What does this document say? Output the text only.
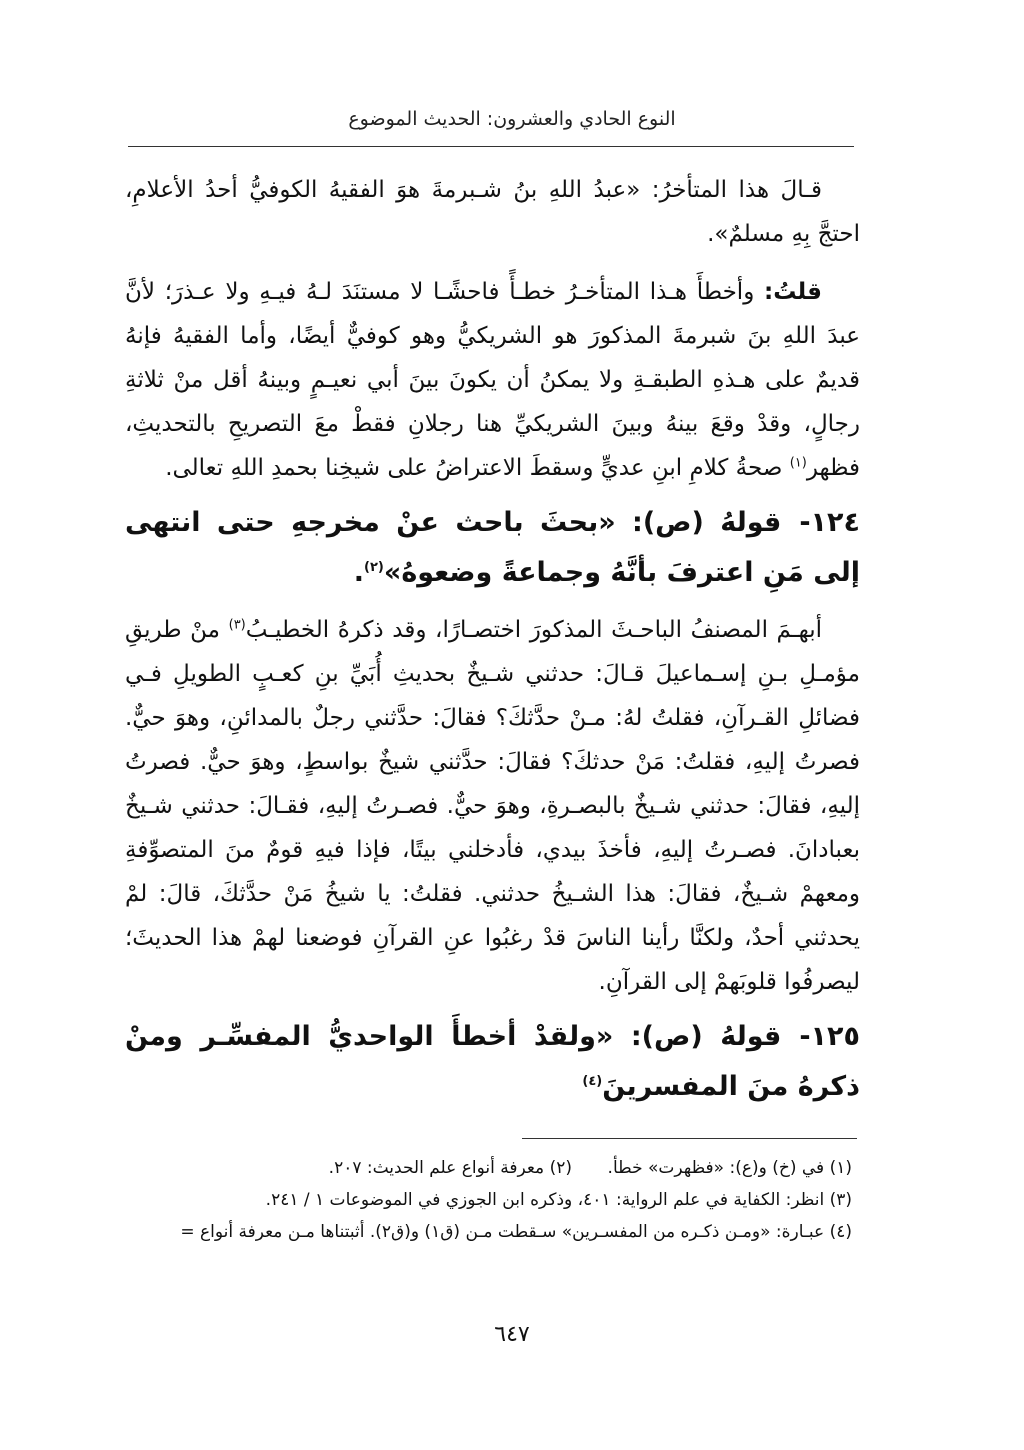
النوع الحادي والعشرون: الحديث الموضوع

قـالَ هذا المتأخرُ: «عبدُ اللهِ بنُ شـبرمةَ هوَ الفقيهُ الكوفيُّ أحدُ الأعلامِ، احتجَّ بِهِ مسلمٌ».

قلتُ: وأخطأَ هـذا المتأخـرُ خطـأً فاحشًـا لا مستنَدَ لـهُ فيـهِ ولا عـذرَ؛ لأنَّ عبدَ اللهِ بنَ شبرمةَ المذكورَ هو الشريكيُّ وهو كوفيٌّ أيضًا، وأما الفقيهُ فإنهُ قديمٌ على هـذهِ الطبقـةِ ولا يمكنُ أن يكونَ بينَ أبي نعيـمٍ وبينهُ أقل منْ ثلاثةِ رجالٍ، وقدْ وقعَ بينهُ وبينَ الشريكيِّ هنا رجلانِ فقطْ معَ التصريحِ بالتحديثِ، فظهر$^{(١)}$ صحةُ كلامِ ابنِ عديٍّ وسقطَ الاعتراضُ على شيخِنا بحمدِ اللهِ تعالى.

١٢٤-قولهُ (ص): «بحثَ باحث عنْ مخرجهِ حتى انتهى إلى مَنِ اعترفَ بأنَّهُ وجماعةً وضعوهُ»$^{(٢)}$.

أبهـمَ المصنفُ الباحـثَ المذكورَ اختصـارًا، وقد ذكرهُ الخطيـبُ$^{(٣)}$ منْ طريقِ مؤمـلِ بـنِ إسـماعيلَ قـالَ: حدثني شـيخٌ بحديثِ أُبَيِّ بنِ كعـبٍ الطويلِ فـي فضائلِ القـرآنِ، فقلتُ لهُ: مـنْ حدَّثكَ؟ فقالَ: حدَّثني رجلٌ بالمدائنِ، وهوَ حيٌّ. فصرتُ إليهِ، فقلتُ: مَنْ حدثكَ؟ فقالَ: حدَّثني شيخٌ بواسطٍ، وهوَ حيٌّ. فصرتُ إليهِ، فقالَ: حدثني شـيخٌ بالبصـرةِ، وهوَ حيٌّ. فصـرتُ إليهِ، فقـالَ: حدثني شـيخٌ بعبادانَ. فصـرتُ إليهِ، فأخذَ بيدي، فأدخلني بيتًا، فإذا فيهِ قومٌ منَ المتصوِّفةِ ومعهمْ شـيخٌ، فقالَ: هذا الشـيخُ حدثني. فقلتُ: يا شيخُ مَنْ حدَّثكَ، قالَ: لمْ يحدثني أحدٌ، ولكنَّا رأينا الناسَ قدْ رغبُوا عنِ القرآنِ فوضعنا لهمْ هذا الحديثَ؛ ليصرفُوا قلوبَهمْ إلى القرآنِ.

١٢٥-قولهُ (ص): «ولقدْ أخطأَ الواحديُّ المفسِّـر ومنْ ذكرهُ منَ المفسرينَ$^{(٤)}$

(١) في (خ) و(ع): «فظهرت» خطأ.(٢) معرفة أنواع علم الحديث: ٢٠٧.
(٣) انظر: الكفاية في علم الرواية: ٤٠١، وذكره ابن الجوزي في الموضوعات ١ / ٢٤١.
(٤) عبـارة: «ومـن ذكـره من المفسـرين» سـقطت مـن (ق١) و(ق٢). أثبتناها مـن معرفة أنواع =
٦٤٧
